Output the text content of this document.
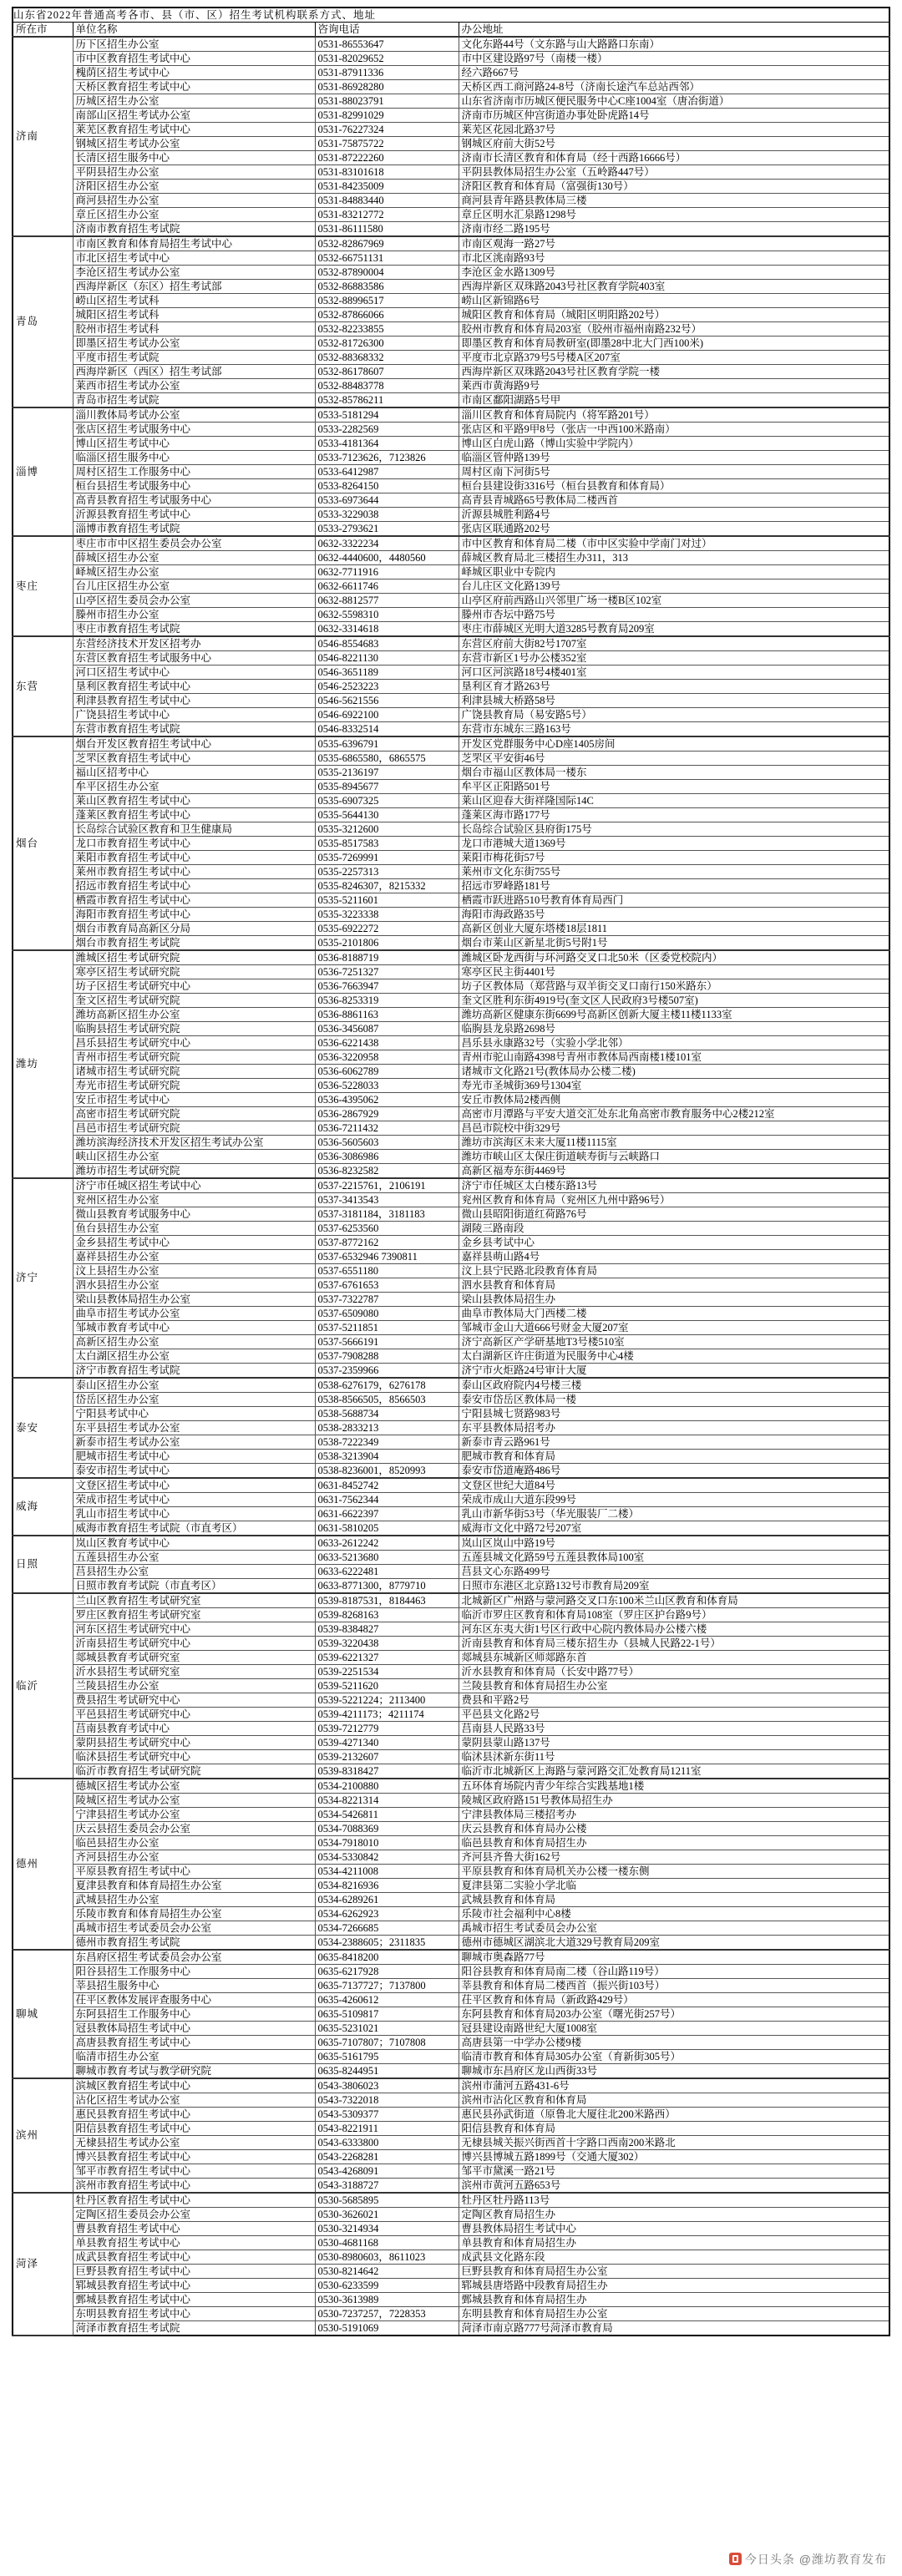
山东省2022年普通高考各市、县（市、区）招生考试机构联系方式、地址			
所在市	单位名称	咨询电话	办公地址
济南	历下区招生办公室	0531-86553647	文化东路44号（文东路与山大路路口东南）
	市中区教育招生考试中心	0531-82029652	市中区建设路97号（南楼一楼）
	槐荫区招生考试中心	0531-87911336	经六路667号
	天桥区教育招生考试中心	0531-86928280	天桥区西工商河路24-8号（济南长途汽车总站西邻）
	历城区招生办公室	0531-88023791	山东省济南市历城区便民服务中心C座1004室（唐冶街道）
	南部山区招生考试办公室	0531-82991029	济南市历城区仲宫街道办事处卧虎路14号
	莱芜区教育招生考试中心	0531-76227324	莱芜区花园北路37号
	钢城区招生考试办公室	0531-75875722	钢城区府前大街52号
	长清区招生服务中心	0531-87222260	济南市长清区教育和体育局（经十西路16666号）
	平阴县招生办公室	0531-83101618	平阴县教体局招生办公室（五岭路447号）
	济阳区招生办公室	0531-84235009	济阳区教育和体育局（富强街130号）
	商河县招生办公室	0531-84883440	商河县青年路县教体局三楼
	章丘区招生办公室	0531-83212772	章丘区明水汇泉路1298号
	济南市教育招生考试院	0531-86111580	济南市经二路195号
青岛	市南区教育和体育局招生考试中心	0532-82867969	市南区观海一路27号
	市北区招生考试中心	0532-66751131	市北区洮南路93号
	李沧区招生考试办公室	0532-87890004	李沧区金水路1309号
	西海岸新区（东区）招生考试部	0532-86883586	西海岸新区双珠路2043号社区教育学院403室
	崂山区招生考试科	0532-88996517	崂山区新锦路6号
	城阳区招生考试科	0532-87866066	城阳区教育和体育局（城阳区明阳路202号）
	胶州市招生考试科	0532-82233855	胶州市教育和体育局203室（胶州市福州南路232号）
	即墨区招生考试办公室	0532-81726300	即墨区教育和体育局教研室(即墨28中北大门西100米)
	平度市招生考试院	0532-88368332	平度市北京路379号5号楼A区207室
	西海岸新区（西区）招生考试部	0532-86178607	西海岸新区双珠路2043号社区教育学院一楼
	莱西市招生考试办公室	0532-88483778	莱西市黄海路9号
	青岛市招生考试院	0532-85786211	市南区鄱阳湖路5号甲
淄博	淄川教体局考试办公室	0533-5181294	淄川区教育和体育局院内（将军路201号）
	张店区招生考试服务中心	0533-2282569	张店区和平路9甲8号（张店一中西100米路南）
	博山区招生考试中心	0533-4181364	博山区白虎山路（博山实验中学院内）
	临淄区招生服务中心	0533-7123626，7123826	临淄区管仲路139号
	周村区招生工作服务中心	0533-6412987	周村区南下河街5号
	桓台县招生考试服务中心	0533-8264150	桓台县建设街3316号（桓台县教育和体育局）
	高青县教育招生考试服务中心	0533-6973644	高青县青城路65号教体局二楼西首
	沂源县教育招生考试中心	0533-3229038	沂源县城胜利路4号
	淄博市教育招生考试院	0533-2793621	张店区联通路202号
枣庄	枣庄市市中区招生委员会办公室	0632-3322234	市中区教育和体育局二楼（市中区实验中学南门对过）
	薛城区招生办公室	0632-4440600，4480560	薛城区教育局北三楼招生办311，313
	峄城区招生办公室	0632-7711916	峄城区职业中专院内
	台儿庄区招生办公室	0632-6611746	台儿庄区文化路139号
	山亭区招生委员会办公室	0632-8812577	山亭区府前西路山兴邻里广场一楼B区102室
	滕州市招生办公室	0632-5598310	滕州市杏坛中路75号
	枣庄市教育招生考试院	0632-3314618	枣庄市薛城区光明大道3285号教育局209室
东营	东营经济技术开发区招考办	0546-8554683	东营区府前大街82号1707室
	东营区教育招生考试服务中心	0546-8221130	东营市新区1号办公楼352室
	河口区招生考试中心	0546-3651189	河口区河滨路18号4楼401室
	垦利区教育招生考试中心	0546-2523223	垦利区育才路263号
	利津县教育招生考试中心	0546-5621556	利津县城大桥路58号
	广饶县招生考试中心	0546-6922100	广饶县教育局（易安路5号）
	东营市教育招生考试院	0546-8332514	东营市东城东三路163号
烟台	烟台开发区教育招生考试中心	0535-6396791	开发区党群服务中心D座1405房间
	芝罘区教育招生考试中心	0535-6865580，6865575	芝罘区平安街46号
	福山区招考中心	0535-2136197	烟台市福山区教体局一楼东
	牟平区招生办公室	0535-8945677	牟平区正阳路501号
	莱山区教育招生考试中心	0535-6907325	莱山区迎春大街祥隆国际14C
	蓬莱区教育招生考试中心	0535-5644130	蓬莱区海市路177号
	长岛综合试验区教育和卫生健康局	0535-3212600	长岛综合试验区县府街175号
	龙口市教育招生考试中心	0535-8517583	龙口市港城大道1369号
	莱阳市教育招生考试中心	0535-7269991	莱阳市梅花街57号
	莱州市教育招生考试中心	0535-2257313	莱州市文化东街755号
	招远市教育招生考试中心	0535-8246307，8215332	招远市罗峰路181号
	栖霞市教育招生考试中心	0535-5211601	栖霞市跃进路510号教育体育局西门
	海阳市教育招生考试中心	0535-3223338	海阳市海政路35号
	烟台市教育局高新区分局	0535-6922272	高新区创业大厦东塔楼18层1811
	烟台市教育招生考试院	0535-2101806	烟台市莱山区新星北街5号附1号
潍坊	潍城区招生考试研究院	0536-8188719	潍城区卧龙西街与环河路交叉口北50米（区委党校院内）
	寒亭区招生考试研究院	0536-7251327	寒亭区民主街4401号
	坊子区招生考试研究中心	0536-7663947	坊子区教体局（郑营路与双羊街交叉口南行150米路东）
	奎文区招生考试研究院	0536-8253319	奎文区胜利东街4919号(奎文区人民政府3号楼507室)
	潍坊高新区招生办公室	0536-8861163	潍坊高新区健康东街6699号高新区创新大厦主楼11楼1133室
	临朐县招生考试研究院	0536-3456087	临朐县龙泉路2698号
	昌乐县招生考试研究中心	0536-6221438	昌乐县永康路32号（实验小学北邻）
	青州市招生考试研究院	0536-3220958	青州市驼山南路4398号青州市教体局西南楼1楼101室
	诸城市招生考试研究院	0536-6062789	诸城市文化路21号(教体局办公楼二楼)
	寿光市招生考试研究院	0536-5228033	寿光市圣城街369号1304室
	安丘市招生考试中心	0536-4395062	安丘市教体局2楼西侧
	高密市招生考试研究院	0536-2867929	高密市月潭路与平安大道交汇处东北角高密市教育服务中心2楼212室
	昌邑市招生考试研究院	0536-7211432	昌邑市院校中街329号
	潍坊滨海经济技术开发区招生考试办公室	0536-5605603	潍坊市滨海区未来大厦11楼1115室
	峡山区招生办公室	0536-3086986	潍坊市峡山区太保庄街道峡寿街与云峡路口
	潍坊市招生考试研究院	0536-8232582	高新区福寿东街4469号
济宁	济宁市任城区招生考试中心	0537-2215761，2106191	济宁市任城区太白楼东路13号
	兖州区招生办公室	0537-3413543	兖州区教育和体育局（兖州区九州中路96号）
	微山县教育考试服务中心	0537-3181184，3181183	微山县昭阳街道红荷路76号
	鱼台县招生办公室	0537-6253560	湖陵三路南段
	金乡县招生考试中心	0537-8772162	金乡县考试中心
	嘉祥县招生办公室	0537-6532946 7390811	嘉祥县萌山路4号
	汶上县招生办公室	0537-6551180	汶上县宁民路北段教育体育局
	泗水县招生办公室	0537-6761653	泗水县教育和体育局
	梁山县教体局招生办公室	0537-7322787	梁山县教体局招生办
	曲阜市招生考试办公室	0537-6509080	曲阜市教体局大门西楼二楼
	邹城市教育考试中心	0537-5211851	邹城市金山大道666号财金大厦207室
	高新区招生办公室	0537-5666191	济宁高新区产学研基地T3号楼510室
	太白湖区招生办公室	0537-7908288	太白湖新区许庄街道为民服务中心4楼
	济宁市教育招生考试院	0537-2359966	济宁市火炬路24号审计大厦
泰安	泰山区招生办公室	0538-6276179，6276178	泰山区政府院内4号楼三楼
	岱岳区招生办公室	0538-8566505，8566503	泰安市岱岳区教体局一楼
	宁阳县考试中心	0538-5688734	宁阳县城七贤路983号
	东平县招生考试办公室	0538-2833213	东平县教体局招考办
	新泰市招生考试办公室	0538-7222349	新泰市青云路961号
	肥城市招生考试中心	0538-3213904	肥城市教育和体育局
	泰安市招生考试中心	0538-8236001，8520993	泰安市岱道庵路486号
威海	文登区招生考试中心	0631-8452742	文登区世纪大道84号
	荣成市招生考试中心	0631-7562344	荣成市成山大道东段99号
	乳山市招生考试中心	0631-6622397	乳山市新华街53号（华光服装厂二楼）
	威海市教育招生考试院（市直考区）	0631-5810205	威海市文化中路72号207室
日照	岚山区教育考试中心	0633-2612242	岚山区岚山中路19号
	五莲县招生办公室	0633-5213680	五莲县城文化路59号五莲县教体局100室
	莒县招生办公室	0633-6222481	莒县文心东路499号
	日照市教育考试院（市直考区）	0633-8771300，8779710	日照市东港区北京路132号市教育局209室
临沂	兰山区教育招生考试研究室	0539-8187531，8184463	北城新区广州路与蒙河路交叉口东100米兰山区教育和体育局
	罗庄区教育招生考试研究室	0539-8268163	临沂市罗庄区教育和体育局108室（罗庄区护台路9号）
	河东区招生考试研究中心	0539-8384827	河东区东夷大街1号区行政中心院内教体局办公楼六楼
	沂南县招生考试研究中心	0539-3220438	沂南县教育和体育局三楼东招生办（县城人民路22-1号）
	郯城县教育考试研究室	0539-6221327	郯城县东城新区师郯路东首
	沂水县招生考试研究室	0539-2251534	沂水县教育和体育局（长安中路77号）
	兰陵县招生办公室	0539-5211620	兰陵县教育和体育局招生办公室
	费县招生考试研究中心	0539-5221224；2113400	费县和平路2号
	平邑县招生考试研究中心	0539-4211173；4211174	平邑县文化路2号
	莒南县教育考试中心	0539-7212779	莒南县人民路33号
	蒙阴县招生考试研究中心	0539-4271340	蒙阴县蒙山路137号
	临沭县招生考试研究中心	0539-2132607	临沭县沭新东街11号
	临沂市教育招生考试研究院	0539-8318427	临沂市北城新区上海路与蒙河路交汇处教育局1211室
德州	德城区招生考试办公室	0534-2100880	五环体育场院内青少年综合实践基地1楼
	陵城区招生考试办公室	0534-8221314	陵城区政府路151号教体局招生办
	宁津县招生考试办公室	0534-5426811	宁津县教体局三楼招考办
	庆云县招生委员会办公室	0534-7088369	庆云县教育和体育局办公楼
	临邑县招生办公室	0534-7918010	临邑县教育和体育局招生办
	齐河县招生办公室	0534-5330842	齐河县齐鲁大街162号
	平原县教育招生考试中心	0534-4211008	平原县教育和体育局机关办公楼一楼东侧
	夏津县教育和体育局招生办公室	0534-8216936	夏津县第二实验小学北临
	武城县招生办公室	0534-6289261	武城县教育和体育局
	乐陵市教育和体育局招生办公室	0534-6262923	乐陵市社会福利中心8楼
	禹城市招生考试委员会办公室	0534-7266685	禹城市招生考试委员会办公室
	德州市教育招生考试院	0534-2388605；2311835	德州市德城区湖滨北大道329号教育局209室
聊城	东昌府区招生考试委员会办公室	0635-8418200	聊城市奥森路77号
	阳谷县招生工作服务中心	0635-6217928	阳谷县教育和体育局南二楼（谷山路119号）
	莘县招生服务中心	0635-7137727；7137800	莘县教育和体育局二楼西首（振兴街103号）
	茌平区教体发展评查服务中心	0635-4260612	茌平区教育和体育局（新政路429号）
	东阿县招生工作服务中心	0635-5109817	东阿县教育和体育局203办公室（曙光街257号）
	冠县教体局招生考试中心	0635-5231021	冠县建设南路世纪大厦1008室
	高唐县教育招生考试中心	0635-7107807；7107808	高唐县第一中学办公楼9楼
	临清市招生办公室	0635-5161795	临清市教育和体育局305办公室（育新街305号）
	聊城市教育考试与教学研究院	0635-8244951	聊城市东昌府区龙山西街33号
滨州	滨城区教育招生考试中心	0543-3806023	滨州市蒲河五路431-6号
	沾化区招生考试办公室	0543-7322018	滨州市沾化区教育和体育局
	惠民县教育招生考试中心	0543-5309377	惠民县孙武街道（原鲁北大厦往北200米路西）
	阳信县教育招生考试中心	0543-8221911	阳信县教育和体育局
	无棣县招生考试办公室	0543-6333800	无棣县城关振兴街西首十字路口西南200米路北
	博兴县教育招生考试中心	0543-2268281	博兴县博城五路1899号（交通大厦302）
	邹平市教育招生考试中心	0543-4268091	邹平市黛溪一路21号
	滨州市教育招生考试中心	0543-3188727	滨州市黄河五路653号
菏泽	牡丹区教育招生考试中心	0530-5685895	牡丹区牡丹路113号
	定陶区招生委员会办公室	0530-3626021	定陶区教育局招生办
	曹县教育招生考试中心	0530-3214934	曹县教体局招生考试中心
	单县教育招生考试中心	0530-4681168	单县教育和体育局招生办
	成武县教育招生考试中心	0530-8980603，8611023	成武县文化路东段
	巨野县教育招生考试中心	0530-8214642	巨野县教育和体育局招生办公室
	郓城县教育招生考试中心	0530-6233599	郓城县唐塔路中段教育局招生办
	鄄城县教育招生考试中心	0530-3613989	鄄城县教育和体育局招生办
	东明县教育招生考试中心	0530-7237257，7228353	东明县教育和体育局招生办公室
	菏泽市教育招生考试院	0530-5191069	菏泽市南京路777号菏泽市教育局
今日头条 @潍坊教育发布
